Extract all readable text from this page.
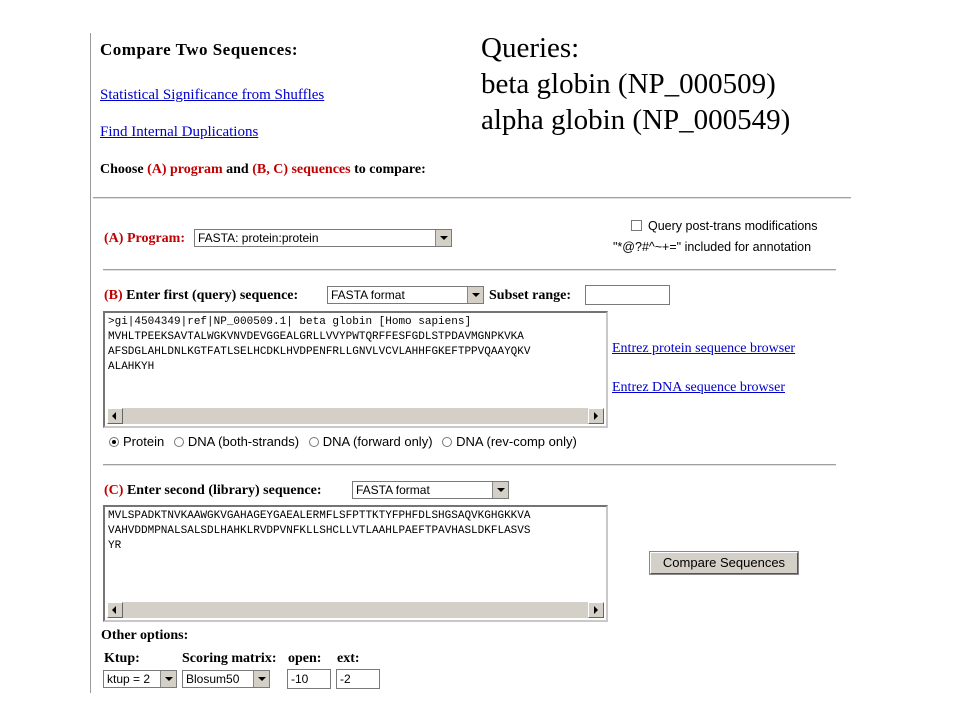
Compare Two Sequences:
Statistical Significance from Shuffles
Find Internal Duplications
Choose (A) program and (B, C) sequences to compare:
Queries:
beta globin (NP_000509)
alpha globin (NP_000549)
(A) Program:	FASTA: protein:protein
Query post-trans modifications
"*@?#^~+=" included for annotation
(B) Enter first (query) sequence:	FASTA format	Subset range:
>gi|4504349|ref|NP_000509.1| beta globin [Homo sapiens]
MVHLTPEEKSAVTALWGKVNVDEVGGEALGRLLVVYPWTQRFFESFGDLSTPDAVMGNPKVKA
AFSDGLAHLDNLKGTFATLSELHCDKLHVDPENFRLLGNVLVCVLAHHFGKEFTPPVQAAYQKV
ALAHKYH
Entrez protein sequence browser
Entrez DNA sequence browser
Protein DNA (both-strands) DNA (forward only) DNA (rev-comp only)
(C) Enter second (library) sequence:	FASTA format
MVLSPADKTNVKAAWGKVGAHAGEYGAEALERMFLSFPTTKTYFPHFDLSHGSAQVKGHGKKVA
VAHVDDMPNALSALSDLHAHKLRVDPVNFKLLSHCLLVTLAAHLPAEFTPAVHASLDKFLASVS
YR
Compare Sequences
Other options:
Ktup:	Scoring matrix: open: ext:
ktup = 2	Blosum50	-10	-2
